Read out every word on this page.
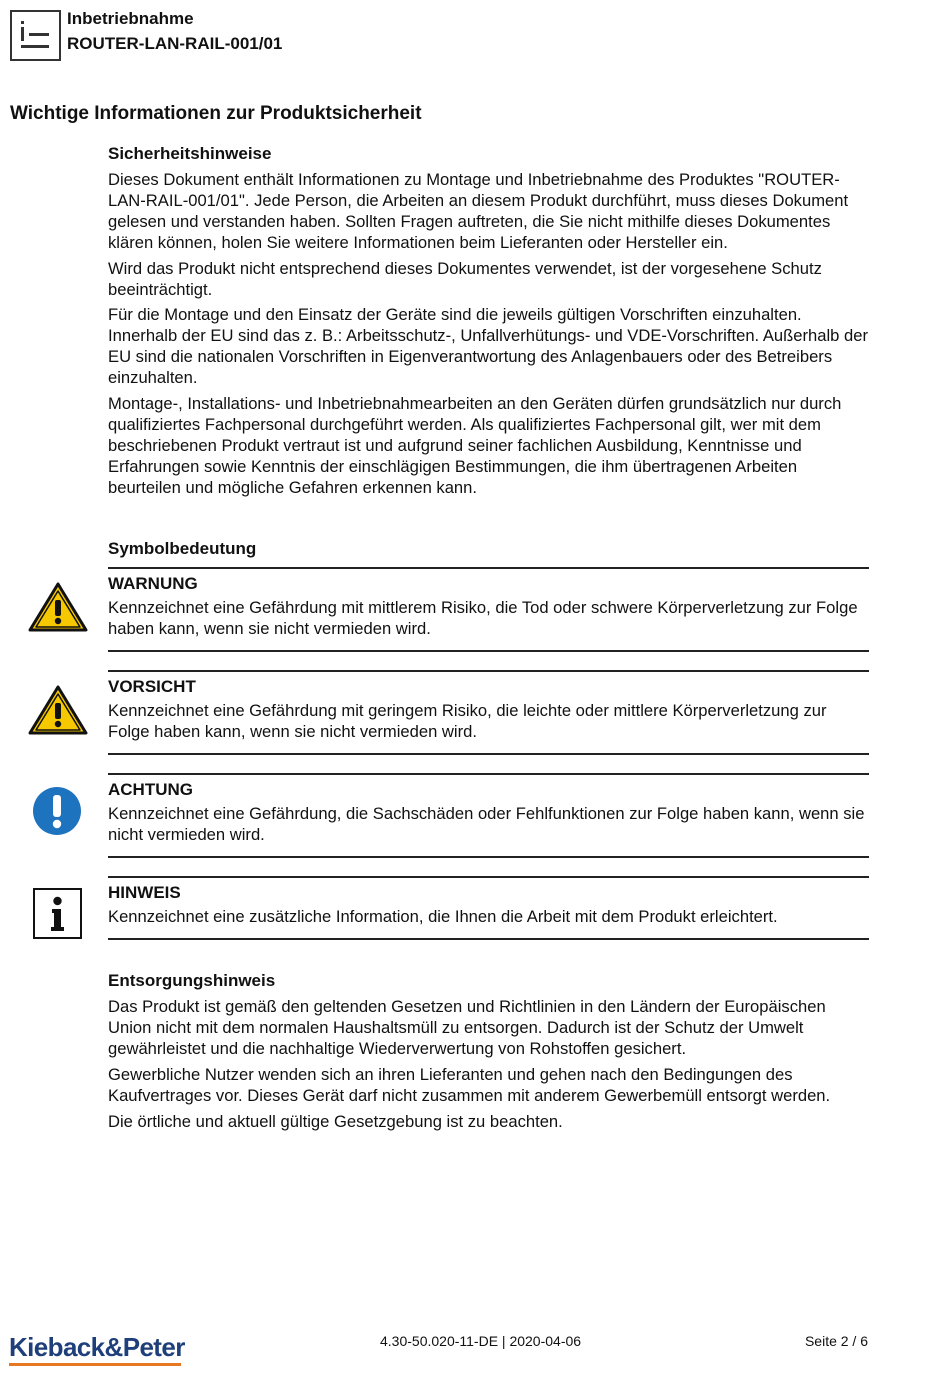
Inbetriebnahme
ROUTER-LAN-RAIL-001/01
Wichtige Informationen zur Produktsicherheit
Sicherheitshinweise

Dieses Dokument enthält Informationen zu Montage und Inbetriebnahme des Produktes "ROUTER-LAN-RAIL-001/01". Jede Person, die Arbeiten an diesem Produkt durchführt, muss dieses Dokument gelesen und verstanden haben. Sollten Fragen auftreten, die Sie nicht mithilfe dieses Dokumentes klären können, holen Sie weitere Informationen beim Lieferanten oder Hersteller ein.

Wird das Produkt nicht entsprechend dieses Dokumentes verwendet, ist der vorgesehene Schutz beeinträchtigt.

Für die Montage und den Einsatz der Geräte sind die jeweils gültigen Vorschriften einzuhalten. Innerhalb der EU sind das z. B.: Arbeitsschutz-, Unfallverhütungs- und VDE-Vorschriften. Außerhalb der EU sind die nationalen Vorschriften in Eigenverantwortung des Anlagenbauers oder des Betreibers einzuhalten.

Montage-, Installations- und Inbetriebnahmearbeiten an den Geräten dürfen grundsätzlich nur durch qualifiziertes Fachpersonal durchgeführt werden. Als qualifiziertes Fachpersonal gilt, wer mit dem beschriebenen Produkt vertraut ist und aufgrund seiner fachlichen Ausbildung, Kenntnisse und Erfahrungen sowie Kenntnis der einschlägigen Bestimmungen, die ihm übertragenen Arbeiten beurteilen und mögliche Gefahren erkennen kann.

Symbolbedeutung
WARNUNG

Kennzeichnet eine Gefährdung mit mittlerem Risiko, die Tod oder schwere Körperverletzung zur Folge haben kann, wenn sie nicht vermieden wird.

VORSICHT

Kennzeichnet eine Gefährdung mit geringem Risiko, die leichte oder mittlere Körperverletzung zur Folge haben kann, wenn sie nicht vermieden wird.

ACHTUNG

Kennzeichnet eine Gefährdung, die Sachschäden oder Fehlfunktionen zur Folge haben kann, wenn sie nicht vermieden wird.

HINWEIS

Kennzeichnet eine zusätzliche Information, die Ihnen die Arbeit mit dem Produkt erleichtert.

Entsorgungshinweis

Das Produkt ist gemäß den geltenden Gesetzen und Richtlinien in den Ländern der Europäischen Union nicht mit dem normalen Haushaltsmüll zu entsorgen. Dadurch ist der Schutz der Umwelt gewährleistet und die nachhaltige Wiederverwertung von Rohstoffen gesichert.

Gewerbliche Nutzer wenden sich an ihren Lieferanten und gehen nach den Bedingungen des Kaufvertrages vor. Dieses Gerät darf nicht zusammen mit anderem Gewerbemüll entsorgt werden.

Die örtliche und aktuell gültige Gesetzgebung ist zu beachten.

Kieback&Peter	4.30-50.020-11-DE | 2020-04-06	Seite 2 / 6
